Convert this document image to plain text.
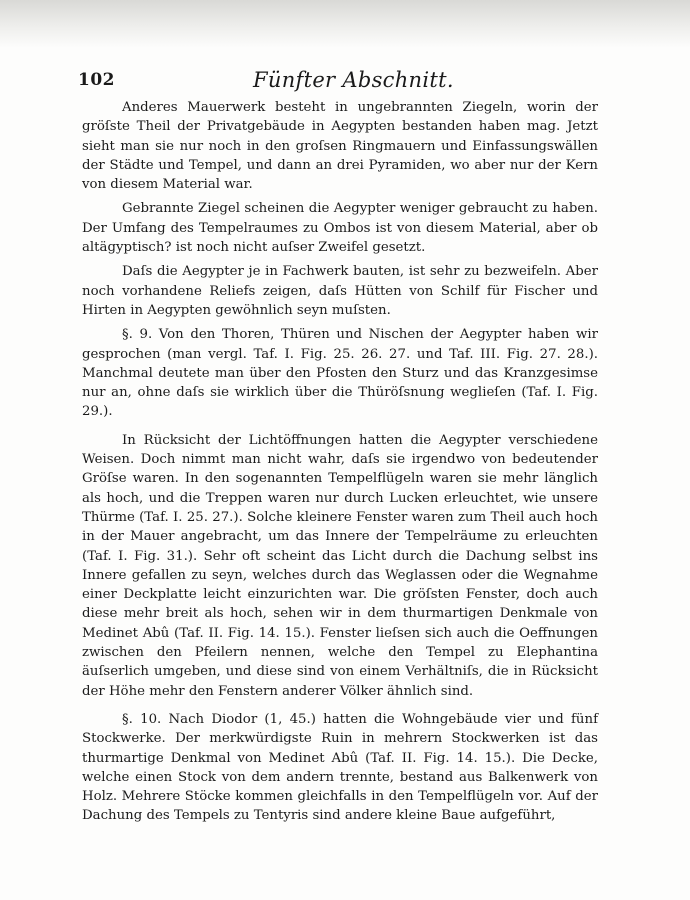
102	Fünfter Abschnitt.

Anderes Mauerwerk besteht in ungebrannten Ziegeln, worin der gröſste Theil der Privatgebäude in Aegypten bestanden haben mag. Jetzt sieht man sie nur noch in den groſsen Ringmauern und Einfassungswällen der Städte und Tempel, und dann an drei Pyramiden, wo aber nur der Kern von diesem Material war.

Gebrannte Ziegel scheinen die Aegypter weniger gebraucht zu haben. Der Umfang des Tempelraumes zu Ombos ist von diesem Material, aber ob altägyptisch? ist noch nicht auſser Zweifel gesetzt.

Daſs die Aegypter je in Fachwerk bauten, ist sehr zu bezweifeln. Aber noch vorhandene Reliefs zeigen, daſs Hütten von Schilf für Fischer und Hirten in Aegypten gewöhnlich seyn muſsten.

§. 9. Von den Thoren, Thüren und Nischen der Aegypter haben wir gesprochen (man vergl. Taf. I. Fig. 25. 26. 27. und Taf. III. Fig. 27. 28.). Manchmal deutete man über den Pfosten den Sturz und das Kranzgesimse nur an, ohne daſs sie wirklich über die Thüröſsnung weglieſen (Taf. I. Fig. 29.).

In Rücksicht der Lichtöffnungen hatten die Aegypter verschiedene Weisen. Doch nimmt man nicht wahr, daſs sie irgendwo von bedeutender Gröſse waren. In den sogenannten Tempelflügeln waren sie mehr länglich als hoch, und die Treppen waren nur durch Lucken erleuchtet, wie unsere Thürme (Taf. I. 25. 27.). Solche kleinere Fenster waren zum Theil auch hoch in der Mauer angebracht, um das Innere der Tempelräume zu erleuchten (Taf. I. Fig. 31.). Sehr oft scheint das Licht durch die Dachung selbst ins Innere gefallen zu seyn, welches durch das Weglassen oder die Wegnahme einer Deckplatte leicht einzurichten war. Die gröſsten Fenster, doch auch diese mehr breit als hoch, sehen wir in dem thurmartigen Denkmale von Medinet Abû (Taf. II. Fig. 14. 15.). Fenster lieſsen sich auch die Oeffnungen zwischen den Pfeilern nennen, welche den Tempel zu Elephantina äuſserlich umgeben, und diese sind von einem Verhältniſs, die in Rücksicht der Höhe mehr den Fenstern anderer Völker ähnlich sind.

§. 10. Nach Diodor (1, 45.) hatten die Wohngebäude vier und fünf Stockwerke. Der merkwürdigste Ruin in mehrern Stockwerken ist das thurmartige Denkmal von Medinet Abû (Taf. II. Fig. 14. 15.). Die Decke, welche einen Stock von dem andern trennte, bestand aus Balkenwerk von Holz. Mehrere Stöcke kommen gleichfalls in den Tempelflügeln vor. Auf der Dachung des Tempels zu Tentyris sind andere kleine Baue aufgeführt,
